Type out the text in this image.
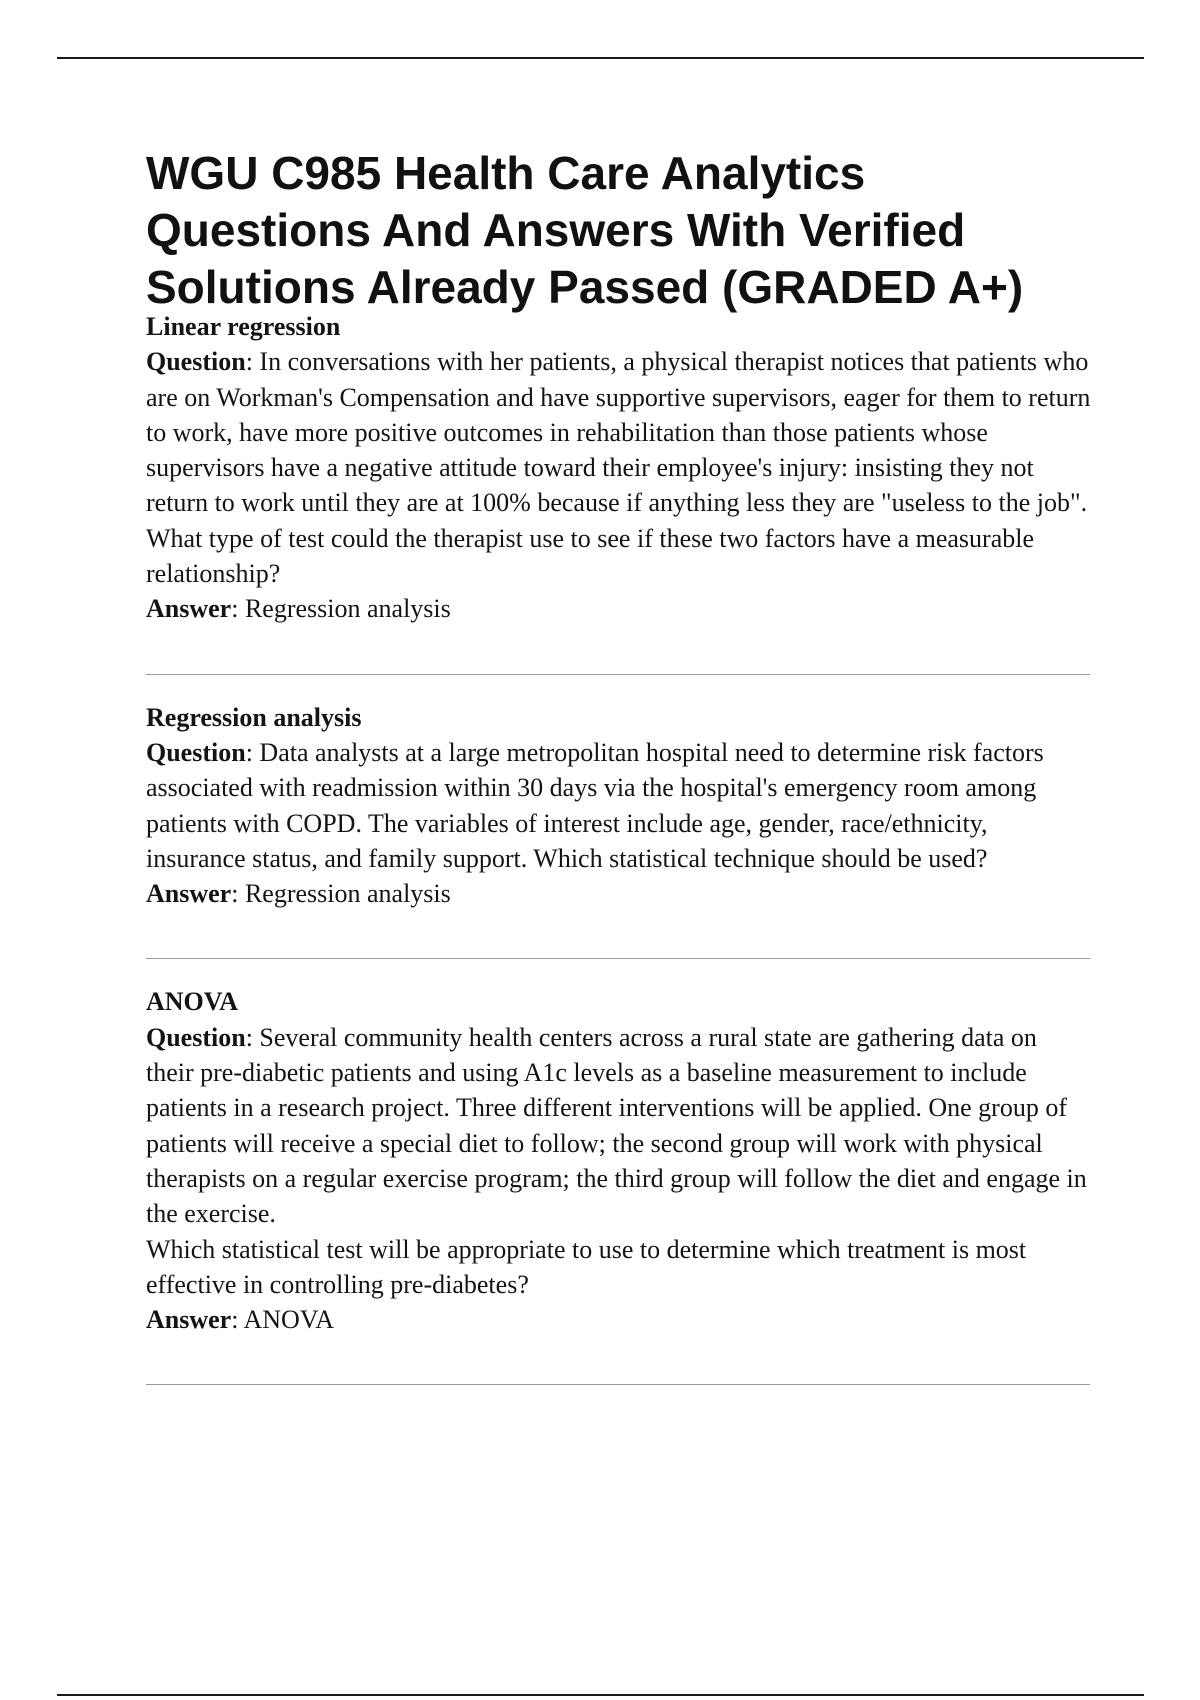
WGU C985 Health Care Analytics
Questions And Answers With Verified
Solutions Already Passed (GRADED A+)

Linear regression

Question: In conversations with her patients, a physical therapist notices that patients who are on Workman's Compensation and have supportive supervisors, eager for them to return to work, have more positive outcomes in rehabilitation than those patients whose supervisors have a negative attitude toward their employee's injury: insisting they not return to work until they are at 100% because if anything less they are "useless to the job".

What type of test could the therapist use to see if these two factors have a measurable relationship?

Answer: Regression analysis

Regression analysis

Question: Data analysts at a large metropolitan hospital need to determine risk factors associated with readmission within 30 days via the hospital's emergency room among patients with COPD. The variables of interest include age, gender, race/ethnicity, insurance status, and family support. Which statistical technique should be used?

Answer: Regression analysis

ANOVA

Question: Several community health centers across a rural state are gathering data on their pre-diabetic patients and using A1c levels as a baseline measurement to include patients in a research project. Three different interventions will be applied. One group of patients will receive a special diet to follow; the second group will work with physical therapists on a regular exercise program; the third group will follow the diet and engage in the exercise.

Which statistical test will be appropriate to use to determine which treatment is most effective in controlling pre-diabetes?

Answer: ANOVA
